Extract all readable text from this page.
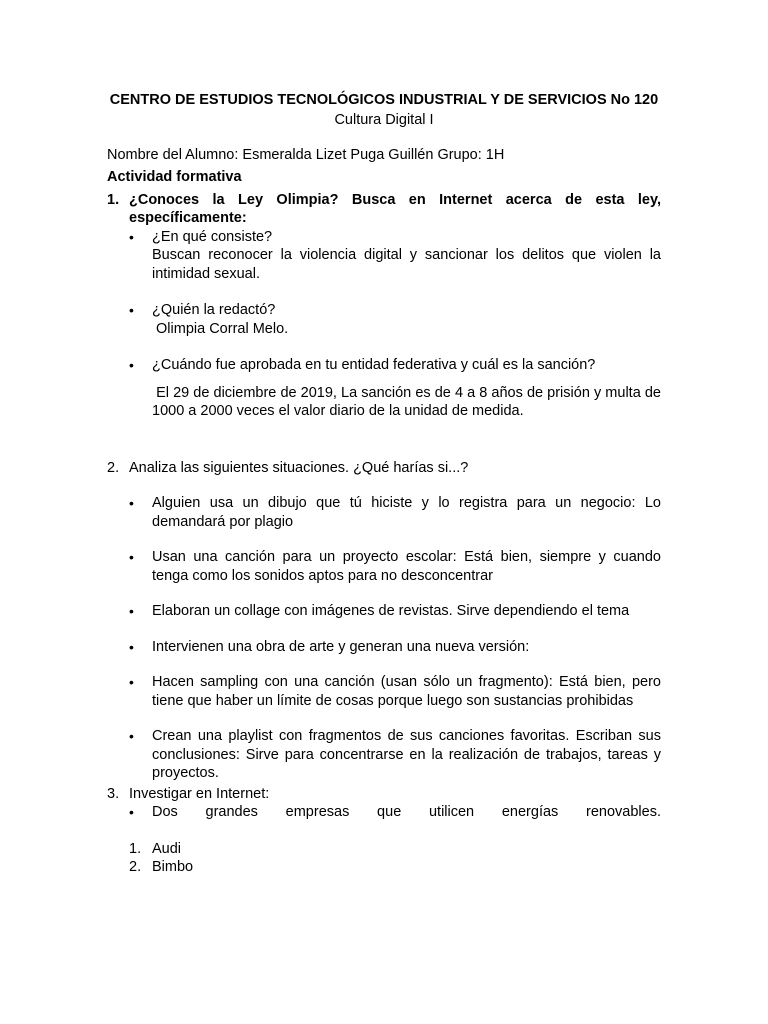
CENTRO DE ESTUDIOS TECNOLÓGICOS INDUSTRIAL Y DE SERVICIOS No 120
Cultura Digital I
Nombre del Alumno: Esmeralda Lizet Puga Guillén Grupo: 1H
Actividad formativa
1. ¿Conoces la Ley Olimpia? Busca en Internet acerca de esta ley, específicamente:
• ¿En qué consiste?
Buscan reconocer la violencia digital y sancionar los delitos que violen la intimidad sexual.
• ¿Quién la redactó?
Olimpia Corral Melo.
• ¿Cuándo fue aprobada en tu entidad federativa y cuál es la sanción?
El 29 de diciembre de 2019, La sanción es de 4 a 8 años de prisión y multa de 1000 a 2000 veces el valor diario de la unidad de medida.
2. Analiza las siguientes situaciones. ¿Qué harías si...?
• Alguien usa un dibujo que tú hiciste y lo registra para un negocio: Lo demandará por plagio
• Usan una canción para un proyecto escolar: Está bien, siempre y cuando tenga como los sonidos aptos para no desconcentrar
• Elaboran un collage con imágenes de revistas. Sirve dependiendo el tema
• Intervienen una obra de arte y generan una nueva versión:
• Hacen sampling con una canción (usan sólo un fragmento): Está bien, pero tiene que haber un límite de cosas porque luego son sustancias prohibidas
• Crean una playlist con fragmentos de sus canciones favoritas. Escriban sus conclusiones: Sirve para concentrarse en la realización de trabajos, tareas y proyectos.
3. Investigar en Internet:
• Dos grandes empresas que utilicen energías renovables.
1. Audi
2. Bimbo
